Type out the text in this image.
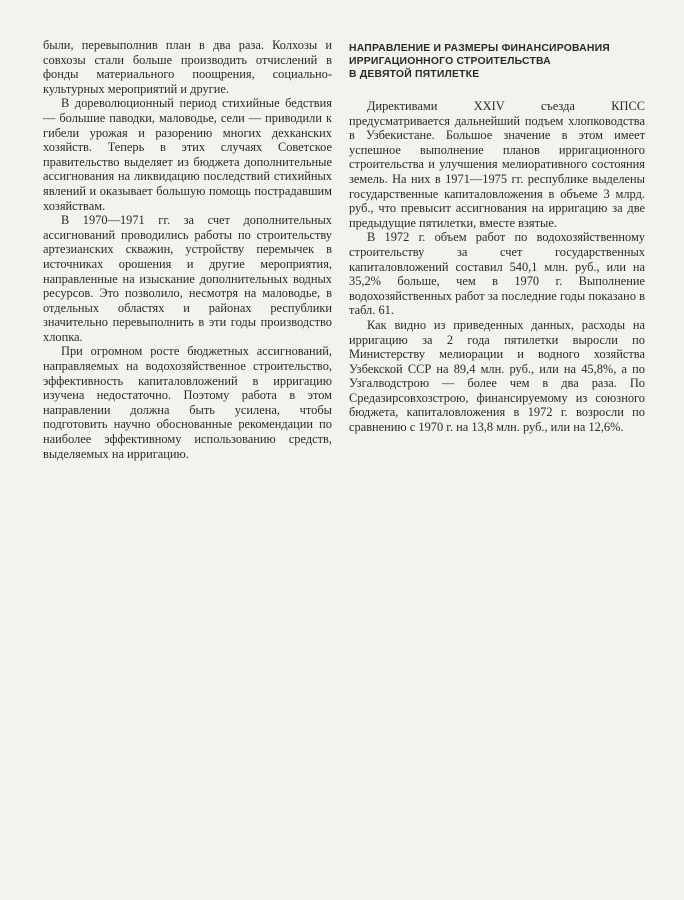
были, перевыполнив план в два раза. Колхозы и совхозы стали больше производить отчислений в фонды материального поощрения, социально-культурных мероприятий и другие.

В дореволюционный период стихийные бедствия — большие паводки, маловодье, сели — приводили к гибели урожая и разорению многих дехканских хозяйств. Теперь в этих случаях Советское правительство выделяет из бюджета дополнительные ассигнования на ликвидацию последствий стихийных явлений и оказывает большую помощь пострадавшим хозяйствам.

В 1970—1971 гг. за счет дополнительных ассигнований проводились работы по строительству артезианских скважин, устройству перемычек в источниках орошения и другие мероприятия, направленные на изыскание дополнительных водных ресурсов. Это позволило, несмотря на маловодье, в отдельных областях и районах республики значительно перевыполнить в эти годы производство хлопка.

При огромном росте бюджетных ассигнований, направляемых на водохозяйственное строительство, эффективность капиталовложений в ирригацию изучена недостаточно. Поэтому работа в этом направлении должна быть усилена, чтобы подготовить научно обоснованные рекомендации по наиболее эффективному использованию средств, выделяемых на ирригацию.

НАПРАВЛЕНИЕ И РАЗМЕРЫ ФИНАНСИРОВАНИЯ
ИРРИГАЦИОННОГО СТРОИТЕЛЬСТВА
В ДЕВЯТОЙ ПЯТИЛЕТКЕ

Директивами XXIV съезда КПСС предусматривается дальнейший подъем хлопководства в Узбекистане. Большое значение в этом имеет успешное выполнение планов ирригационного строительства и улучшения мелиоративного состояния земель. На них в 1971—1975 гг. республике выделены государственные капиталовложения в объеме 3 млрд. руб., что превысит ассигнования на ирригацию за две предыдущие пятилетки, вместе взятые.

В 1972 г. объем работ по водохозяйственному строительству за счет государственных капиталовложений составил 540,1 млн. руб., или на 35,2% больше, чем в 1970 г. Выполнение водохозяйственных работ за последние годы показано в табл. 61.

Как видно из приведенных данных, расходы на ирригацию за 2 года пятилетки выросли по Министерству мелиорации и водного хозяйства Узбекской ССР на 89,4 млн. руб., или на 45,8%, а по Узгалводстрою — более чем в два раза. По Средазирсовхозстрою, финансируемому из союзного бюджета, капиталовложения в 1972 г. возросли по сравнению с 1970 г. на 13,8 млн. руб., или на 12,6%.
